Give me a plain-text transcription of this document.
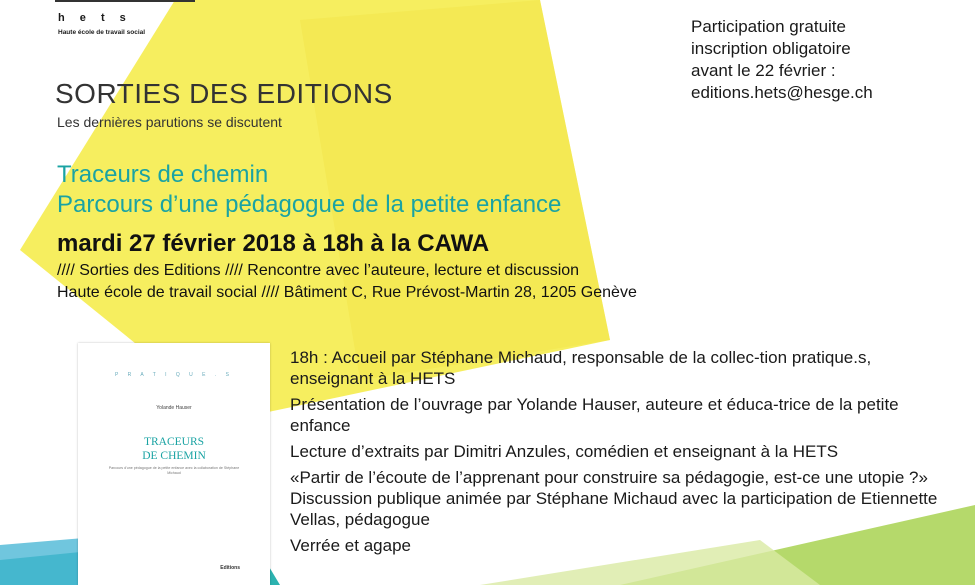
h e t s
Haute école de travail social	Participation gratuite
inscription obligatoire
avant le 22 février :
editions.hets@hesge.ch
SORTIES DES EDITIONS
Les dernières parutions se discutent
Traceurs de chemin
Parcours d’une pédagogue de la petite enfance
mardi 27 février 2018 à 18h à la CAWA
//// Sorties des Editions //// Rencontre avec l’auteure, lecture et discussion
Haute école de travail social //// Bâtiment C, Rue Prévost-Martin 28, 1205 Genève
P R A T I Q U E . S
Yolande Hauser
TRACEURS
DE CHEMIN
Parcours d'une pédagogue de la petite enfance avec la collaboration de Stéphane Michaud
Editions

18h : Accueil par Stéphane Michaud, responsable de la collec-tion pratique.s, enseignant à la HETS

Présentation de l’ouvrage par Yolande Hauser, auteure et éduca-trice de la petite enfance

Lecture d’extraits par Dimitri Anzules, comédien et enseignant à la HETS

«Partir de l’écoute de l’apprenant pour construire sa pédagogie, est-ce une utopie ?» Discussion publique animée par Stéphane Michaud avec la participation de Etiennette Vellas, pédagogue

Verrée et agape
